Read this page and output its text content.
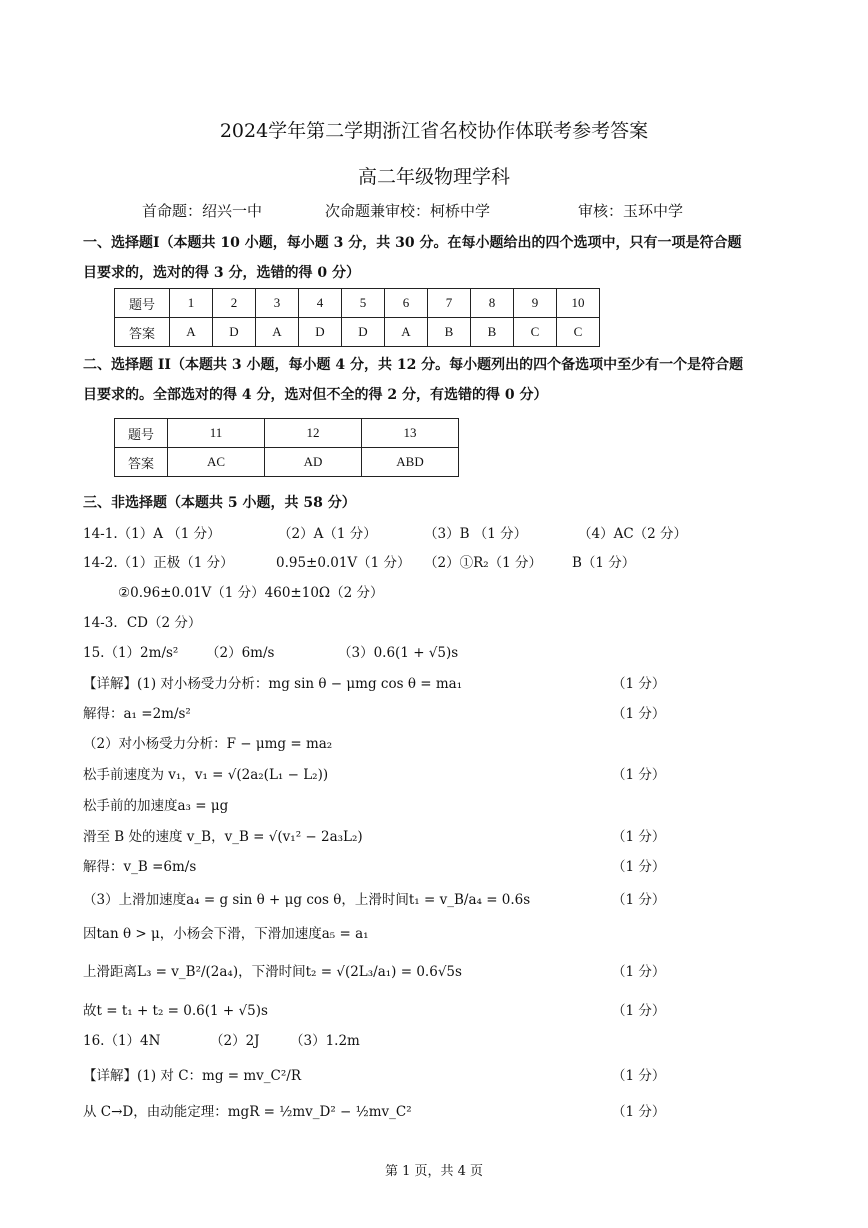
2024学年第二学期浙江省名校协作体联考参考答案
高二年级物理学科
首命题：绍兴一中	次命题兼审校：柯桥中学	审核：玉环中学
一、选择题I（本题共 10 小题，每小题 3 分，共 30 分。在每小题给出的四个选项中，只有一项是符合题
目要求的，选对的得 3 分，选错的得 0 分）
题号	1	2	3	4	5	6	7	8	9	10
答案	A	D	A	D	D	A	B	B	C	C
二、选择题 II（本题共 3 小题，每小题 4 分，共 12 分。每小题列出的四个备选项中至少有一个是符合题
目要求的。全部选对的得 4 分，选对但不全的得 2 分，有选错的得 0 分）
题号	11	12	13
答案	AC	AD	ABD
三、非选择题（本题共 5 小题，共 58 分）
14-1.（1）A （1 分）	（2）A（1 分）	（3）B （1 分）	（4）AC（2 分）
14-2.（1）正极（1 分）	0.95±0.01V（1 分） （2）①R₂（1 分） B（1 分）
②0.96±0.01V（1 分）460±10Ω（2 分）
14-3．CD（2 分）
15.（1）2m/s² （2）6m/s	（3）0.6(1 + √5)s
【详解】(1) 对小杨受力分析：mg sin θ − μmg cos θ = ma₁	（1 分）
解得：a₁ =2m/s²	（1 分）
（2）对小杨受力分析：F − μmg = ma₂
松手前速度为 v₁，v₁ = √(2a₂(L₁ − L₂))	（1 分）
松手前的加速度a₃ = μg
滑至 B 处的速度 v_B，v_B = √(v₁² − 2a₃L₂)	（1 分）
解得：v_B =6m/s	（1 分）
（3）上滑加速度a₄ = g sin θ + μg cos θ，上滑时间t₁ = v_B/a₄ = 0.6s	（1 分）
因tan θ > μ，小杨会下滑，下滑加速度a₅ = a₁
上滑距离L₃ = v_B²/(2a₄)，下滑时间t₂ = √(2L₃/a₁) = 0.6√5s	（1 分）
故t = t₁ + t₂ = 0.6(1 + √5)s	（1 分）
16.（1）4N	（2）2J （3）1.2m
【详解】(1) 对 C：mg = mv_C²/R	（1 分）
从 C→D，由动能定理：mgR = ½mv_D² − ½mv_C²	（1 分）
第 1 页，共 4 页
